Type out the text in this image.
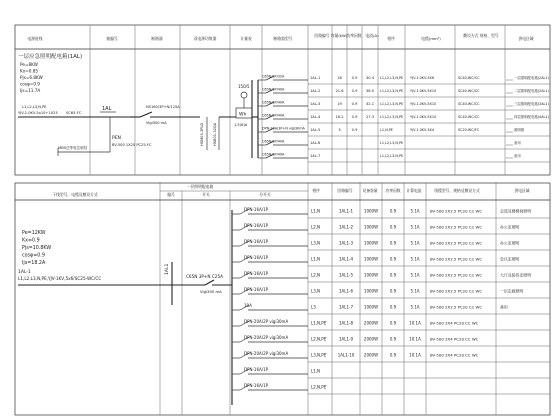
电源进线	箱编号	断路器	双电源切换器	计量表	断路器型号
回路编号 容量(kW) 功率因数 电流(A)
相序	电缆(mm²)
敷设方式 规格、型号
供电区域
一层应急照明配电箱(1AL)
Pe=8KW
Kx=0.85
Pjs=6.8KW
cosφ=0.9
Ijs=11.7A
L1,L2,L3,N,PE
YJV-1.0KV-5x10+1X25 SC65-FC
1AL
PEN
BV-500 1X25 PC25-FC
MEB总等电位联结
NS160/3P+N/125A
Vigi300 mA	HSM03-3PLD	HSB01-32QA
150/5
Wh
1.5(6)A
C65N/3P/32A	1AL-1	18	0.9 30.4 L1,L2,L3,N,PE YJV-1.0KV-5X6	SC40-WC/CC	一层照明配电箱(2AL1)
C65N/3P/40A	1AL-2	21.6 0.9 36.5 L1,L2,L3,N,PE YJV-1.0KV-5X10	SC40-WC/CC	二层照明配电箱(2AL1)
C65N/3P/40A	1AL-3	19	0.9 32.1 L1,L2,L3,N,PE YJV-1.0KV-5X10	SC40-WC/CC	三层照明配电箱(3AL1)
C65N/3P/40A	1AL-4	16.2 0.9 27.3 L1,L2,L3,N,PE YJV-1.0KV-5X10	SC40-WC/CC	四层照明配电箱(4AL1)
DPN-20A/3P+N vigi30mA 1AL-5	3	0.9	L1,N,PE	YJV-1.0KV-3X4	SC20-WC/FC	照明箱
C65N/3P/40A	1AL-6	L1,L2,L3,N,PE	备用
C65N/3P/40A	1AL-7	L1,L2,L3,N,PE	备用
干线型号、电缆及敷设方式
一层照明配电箱
编号	开关	分开关
相序	回路编号	设备容量 功率因数 计算电流	线缆型号、规格及敷设方式	供电区域
Pe=12KW
Kx=0.9
Pjs=10.8KW
cosφ=0.9
Ijs=18.2A
1AL-1
L1,L2,L3,N,PE,YJV-1KV,5x6/SC25-WC/CC
1AL1
C65N 3P+N C25A
Vigi300 mA
DPN-16A/1P	L1,N	1AL1-1	1000W	0.9	5.1A	BV-500 2X2.5 PC20 CC WC	走道及楼梯间照明
DPN-16A/1P	L2,N	1AL1-2	1000W	0.9	5.1A	BV-500 2X2.5 PC20 CC WC	办公室照明
DPN-16A/1P	L3,N	1AL1-3	1000W	0.9	5.1A	BV-500 2X2.5 PC20 CC WC	办公室照明
DPN-16A/1P	L1,N	1AL1-4	1000W	0.9	5.1A	BV-500 2X2.5 PC20 CC WC	会议室照明
DPN-16A/1P	L2,N	1AL1-5	1000W	0.9	5.1A	BV-500 2X2.5 PC20 CC WC	大厅及接待室照明
DPN-16A/1P	L3,N	1AL1-6	1000W	0.9	5.1A	BV-500 2X2.5 PC20 CC WC	一层走廊照明
10A	L3	1AL1-7	1000W	0.9	5.1A	BV-500 2X2.5 PC20 CC WC	备用
DPN-20A/2P vigi30mA	L1,N,PE	1AL1-8	2000W	0.9	10.1A BV-500 3X4 PC20 CC WC
DPN-20A/2P vigi30mA	L2,N,PE	1AL1-9	2000W	0.9	10.1A BV-500 3X4 PC20 CC WC
DPN-20A/2P vigi30mA	L3,N,PE	1AL1-10 2000W	0.9	10.1A BV-500 3X4 PC20 CC WC
DPN-16A/1P	L1,N
DPN-16A/1P	L2,N,PE
